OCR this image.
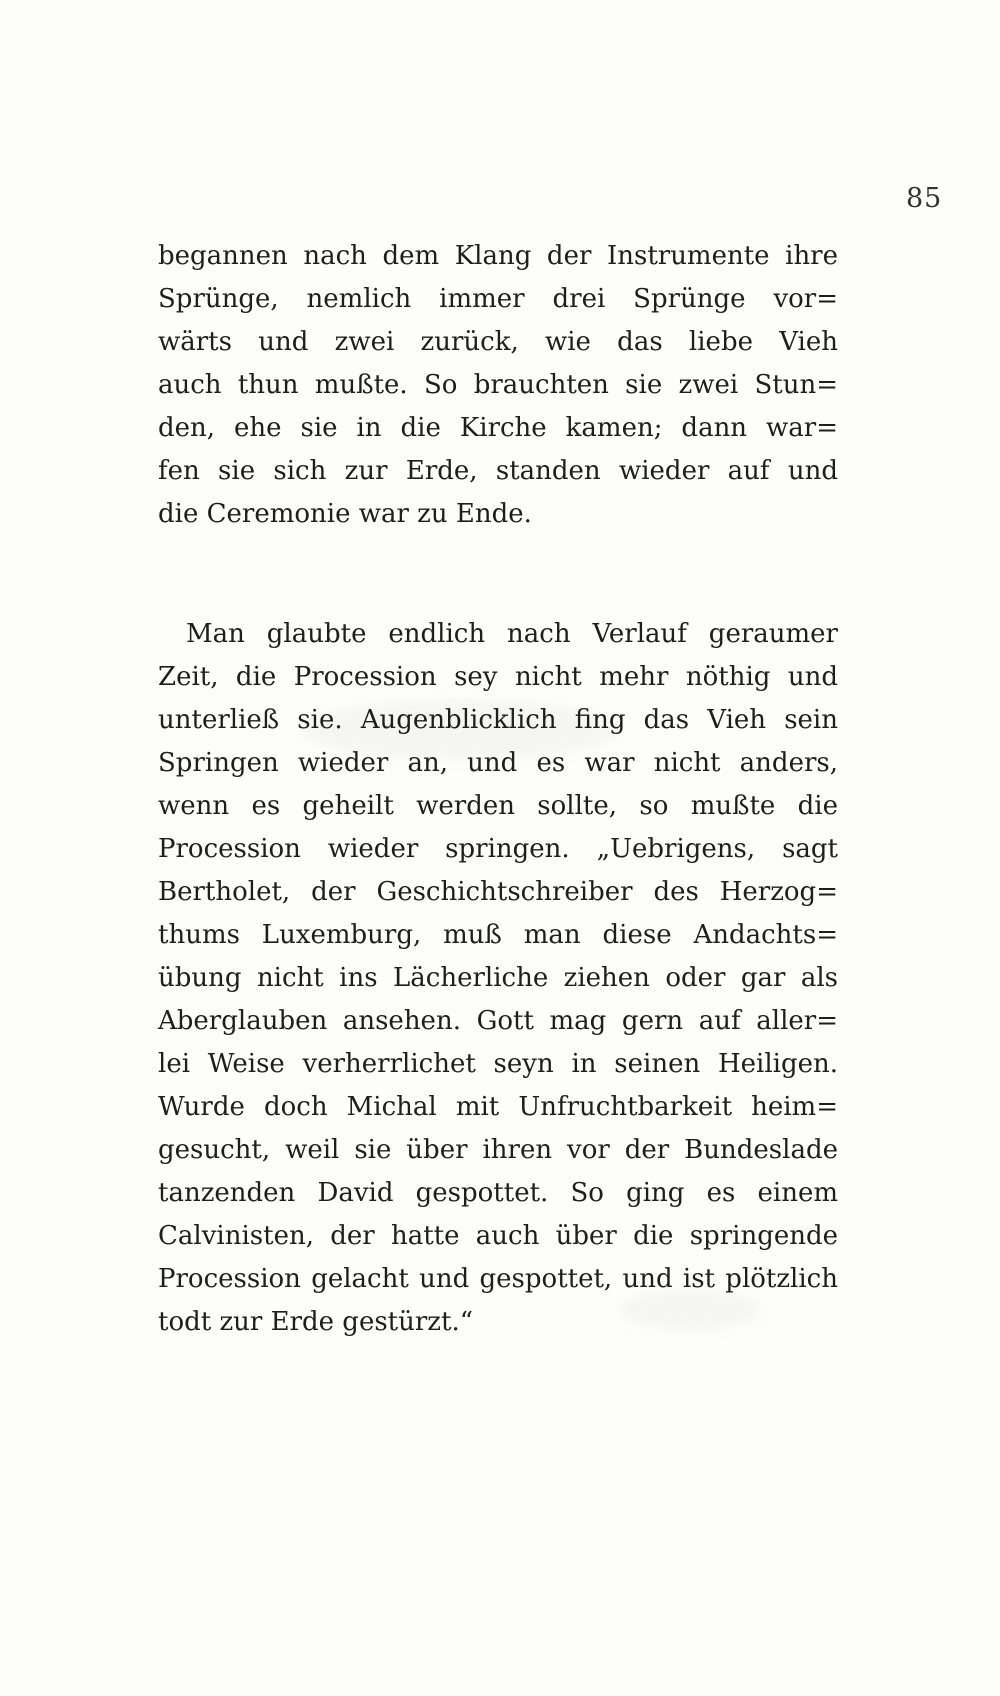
85
begannen nach dem Klang der Instrumente ihre
Sprünge, nemlich immer drei Sprünge vor=
wärts und zwei zurück, wie das liebe Vieh
auch thun mußte. So brauchten sie zwei Stun=
den, ehe sie in die Kirche kamen; dann war=
fen sie sich zur Erde, standen wieder auf und
die Ceremonie war zu Ende.
Man glaubte endlich nach Verlauf geraumer
Zeit, die Procession sey nicht mehr nöthig und
unterließ sie. Augenblicklich fing das Vieh sein
Springen wieder an, und es war nicht anders,
wenn es geheilt werden sollte, so mußte die
Procession wieder springen. „Uebrigens, sagt
Bertholet, der Geschichtschreiber des Herzog=
thums Luxemburg, muß man diese Andachts=
übung nicht ins Lächerliche ziehen oder gar als
Aberglauben ansehen. Gott mag gern auf aller=
lei Weise verherrlichet seyn in seinen Heiligen.
Wurde doch Michal mit Unfruchtbarkeit heim=
gesucht, weil sie über ihren vor der Bundeslade
tanzenden David gespottet. So ging es einem
Calvinisten, der hatte auch über die springende
Procession gelacht und gespottet, und ist plötzlich
todt zur Erde gestürzt.“
